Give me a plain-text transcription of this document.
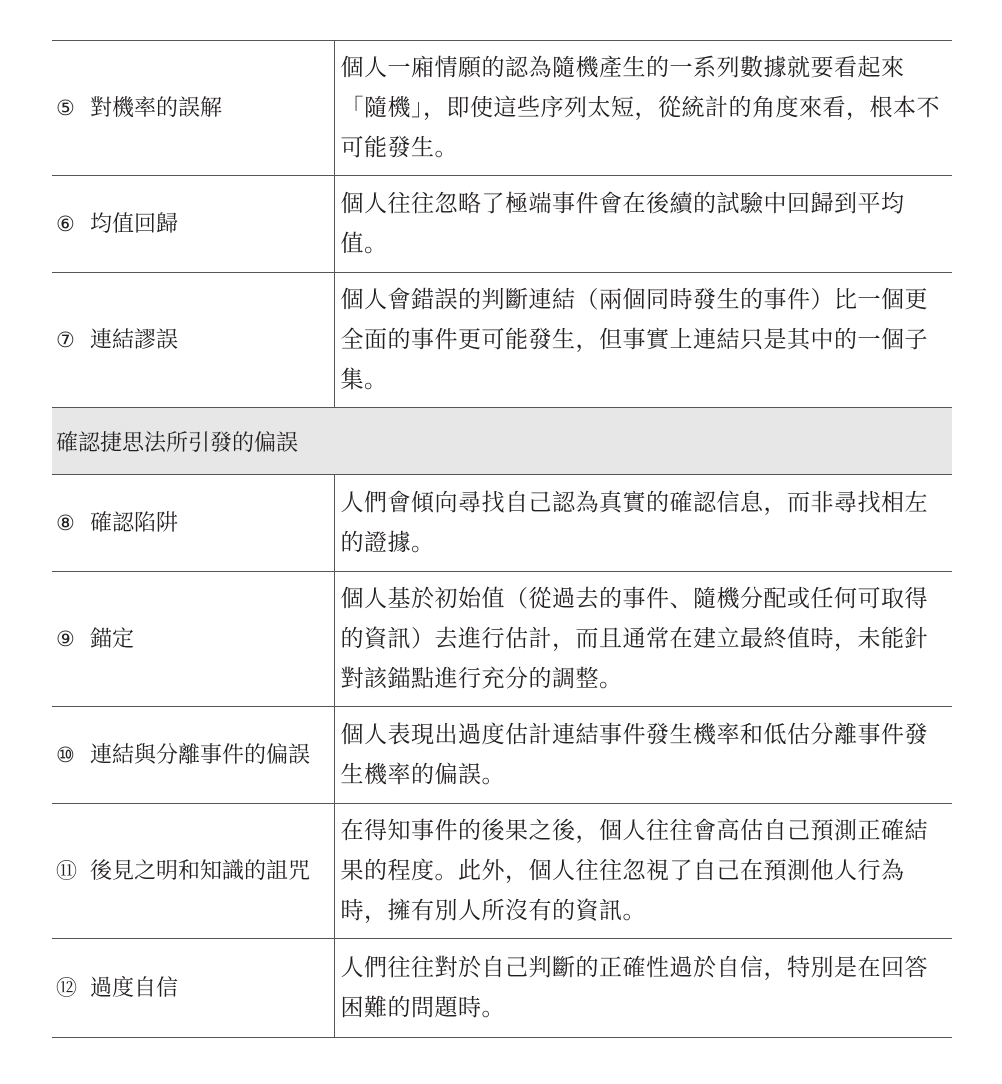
⑤ 對機率的誤解	個人一廂情願的認為隨機產生的一系列數據就要看起來「隨機」，即使這些序列太短，從統計的角度來看，根本不可能發生。

⑥ 均值回歸	個人往往忽略了極端事件會在後續的試驗中回歸到平均值。

⑦ 連結謬誤	個人會錯誤的判斷連結（兩個同時發生的事件）比一個更全面的事件更可能發生，但事實上連結只是其中的一個子集。
確認捷思法所引發的偏誤	

⑧ 確認陷阱	人們會傾向尋找自己認為真實的確認信息，而非尋找相左的證據。

⑨ 錨定	個人基於初始值（從過去的事件、隨機分配或任何可取得的資訊）去進行估計，而且通常在建立最終值時，未能針對該錨點進行充分的調整。

⑩ 連結與分離事件的偏誤	個人表現出過度估計連結事件發生機率和低估分離事件發生機率的偏誤。

⑪ 後見之明和知識的詛咒	在得知事件的後果之後，個人往往會高估自己預測正確結果的程度。此外，個人往往忽視了自己在預測他人行為時，擁有別人所沒有的資訊。

⑫ 過度自信	人們往往對於自己判斷的正確性過於自信，特別是在回答困難的問題時。
